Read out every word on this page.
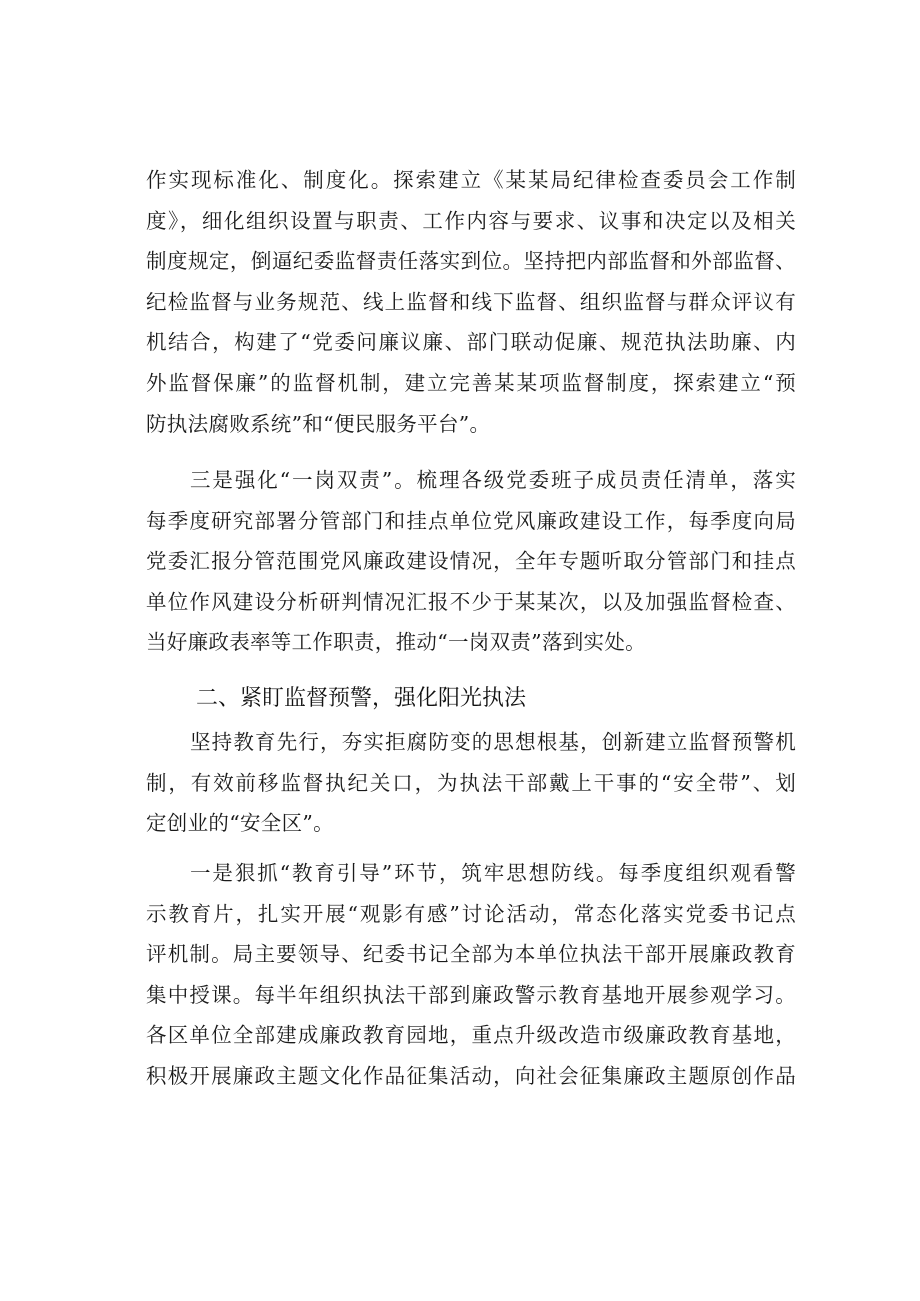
作实现标准化、制度化。探索建立《某某局纪律检查委员会工作制
度》，细化组织设置与职责、工作内容与要求、议事和决定以及相关
制度规定，倒逼纪委监督责任落实到位。坚持把内部监督和外部监督、
纪检监督与业务规范、线上监督和线下监督、组织监督与群众评议有
机结合，构建了“党委问廉议廉、部门联动促廉、规范执法助廉、内
外监督保廉”的监督机制，建立完善某某项监督制度，探索建立“预
防执法腐败系统”和“便民服务平台”。
三是强化“一岗双责”。梳理各级党委班子成员责任清单，落实
每季度研究部署分管部门和挂点单位党风廉政建设工作，每季度向局
党委汇报分管范围党风廉政建设情况，全年专题听取分管部门和挂点
单位作风建设分析研判情况汇报不少于某某次，以及加强监督检查、
当好廉政表率等工作职责，推动“一岗双责”落到实处。
二、紧盯监督预警，强化阳光执法
坚持教育先行，夯实拒腐防变的思想根基，创新建立监督预警机
制，有效前移监督执纪关口，为执法干部戴上干事的“安全带”、划
定创业的“安全区”。
一是狠抓“教育引导”环节，筑牢思想防线。每季度组织观看警
示教育片，扎实开展“观影有感”讨论活动，常态化落实党委书记点
评机制。局主要领导、纪委书记全部为本单位执法干部开展廉政教育
集中授课。每半年组织执法干部到廉政警示教育基地开展参观学习。
各区单位全部建成廉政教育园地，重点升级改造市级廉政教育基地，
积极开展廉政主题文化作品征集活动，向社会征集廉政主题原创作品
